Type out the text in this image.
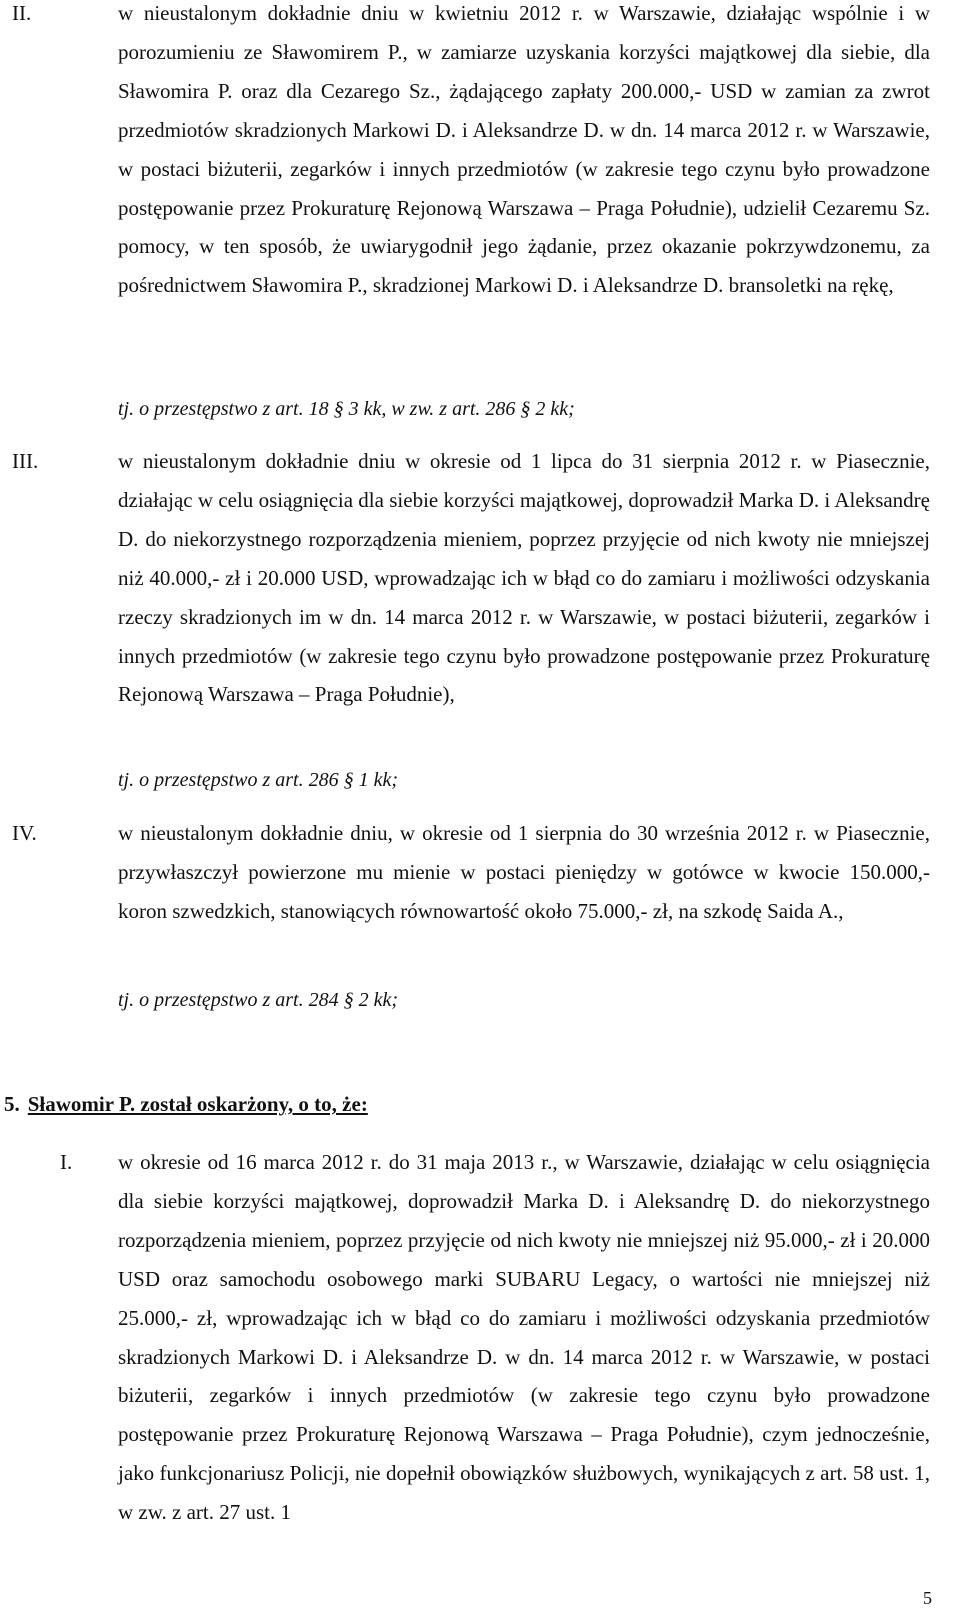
II.	w nieustalonym dokładnie dniu w kwietniu 2012 r. w Warszawie, działając wspólnie i w porozumieniu ze Sławomirem P., w zamiarze uzyskania korzyści majątkowej dla siebie, dla Sławomira P. oraz dla Cezarego Sz., żądającego zapłaty 200.000,- USD w zamian za zwrot przedmiotów skradzionych Markowi D. i Aleksandrze D. w dn. 14 marca 2012 r. w Warszawie, w postaci biżuterii, zegarków i innych przedmiotów (w zakresie tego czynu było prowadzone postępowanie przez Prokuraturę Rejonową Warszawa – Praga Południe), udzielił Cezaremu Sz. pomocy, w ten sposób, że uwiarygodnił jego żądanie, przez okazanie pokrzywdzonemu, za pośrednictwem Sławomira P., skradzionej Markowi D. i Aleksandrze D. bransoletki na rękę,

tj. o przestępstwo z art. 18 § 3 kk, w zw. z art. 286 § 2 kk;
III.	w nieustalonym dokładnie dniu w okresie od 1 lipca do 31 sierpnia 2012 r. w Piasecznie, działając w celu osiągnięcia dla siebie korzyści majątkowej, doprowadził Marka D. i Aleksandrę D. do niekorzystnego rozporządzenia mieniem, poprzez przyjęcie od nich kwoty nie mniejszej niż 40.000,- zł i 20.000 USD, wprowadzając ich w błąd co do zamiaru i możliwości odzyskania rzeczy skradzionych im w dn. 14 marca 2012 r. w Warszawie, w postaci biżuterii, zegarków i innych przedmiotów (w zakresie tego czynu było prowadzone postępowanie przez Prokuraturę Rejonową Warszawa – Praga Południe),

tj. o przestępstwo z art. 286 § 1 kk;
IV.	w nieustalonym dokładnie dniu, w okresie od 1 sierpnia do 30 września 2012 r. w Piasecznie, przywłaszczył powierzone mu mienie w postaci pieniędzy w gotówce w kwocie 150.000,- koron szwedzkich, stanowiących równowartość około 75.000,- zł, na szkodę Saida A.,

tj. o przestępstwo z art. 284 § 2 kk;
5. Sławomir P. został oskarżony, o to, że:
I. w okresie od 16 marca 2012 r. do 31 maja 2013 r., w Warszawie, działając w celu osiągnięcia dla siebie korzyści majątkowej, doprowadził Marka D. i Aleksandrę D. do niekorzystnego rozporządzenia mieniem, poprzez przyjęcie od nich kwoty nie mniejszej niż 95.000,- zł i 20.000 USD oraz samochodu osobowego marki SUBARU Legacy, o wartości nie mniejszej niż 25.000,- zł, wprowadzając ich w błąd co do zamiaru i możliwości odzyskania przedmiotów skradzionych Markowi D. i Aleksandrze D. w dn. 14 marca 2012 r. w Warszawie, w postaci biżuterii, zegarków i innych przedmiotów (w zakresie tego czynu było prowadzone postępowanie przez Prokuraturę Rejonową Warszawa – Praga Południe), czym jednocześnie, jako funkcjonariusz Policji, nie dopełnił obowiązków służbowych, wynikających z art. 58 ust. 1, w zw. z art. 27 ust. 1

5
